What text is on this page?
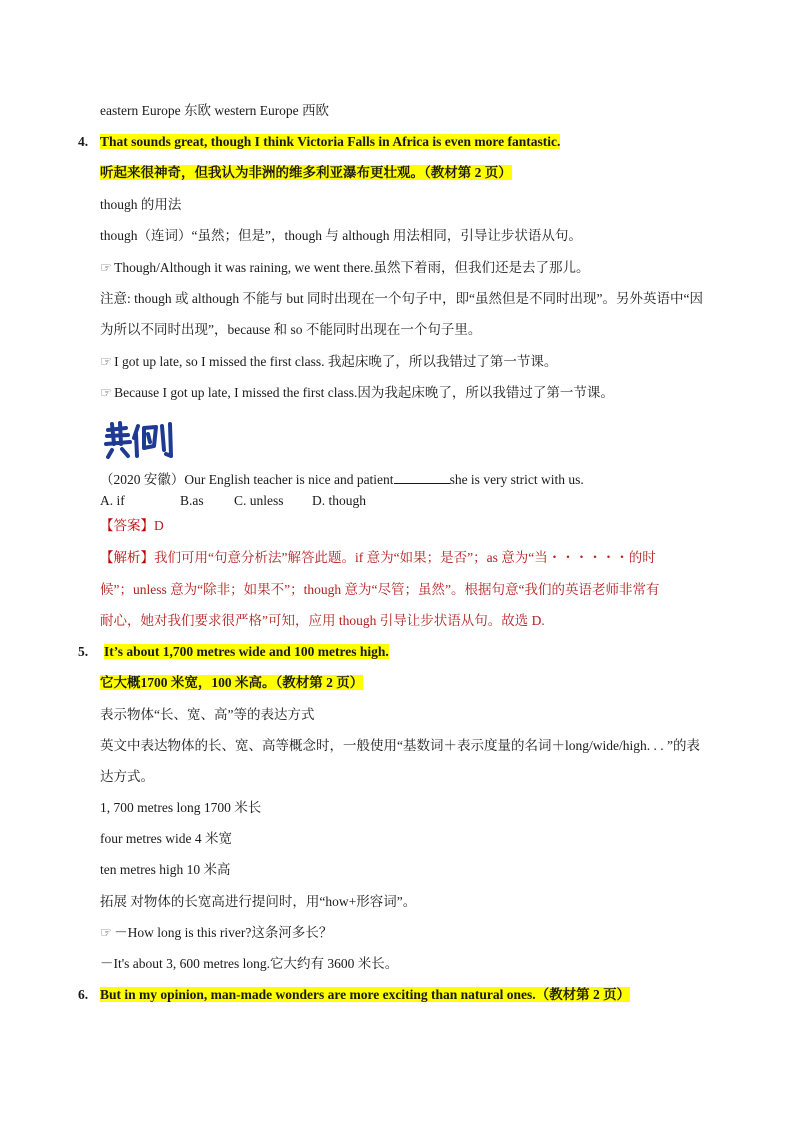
eastern Europe 东欧 western Europe 西欧
4. That sounds great, though I think Victoria Falls in Africa is even more fantastic.
听起来很神奇，但我认为非洲的维多利亚瀑布更壮观。（教材第 2 页）
though 的用法
though（连词）“虽然；但是”，though 与 although 用法相同，引导让步状语从句。
☞ Though/Although it was raining, we went there.虽然下着雨，但我们还是去了那儿。
注意: though 或 although 不能与 but 同时出现在一个句子中，即“虽然但是不同时出现”。另外英语中“因
为所以不同时出现”，because 和 so 不能同时出现在一个句子里。
☞ I got up late, so I missed the first class. 我起床晚了，所以我错过了第一节课。
☞ Because I got up late, I missed the first class.因为我起床晚了，所以我错过了第一节课。
（2020 安徽）Our English teacher is nice and patient	she is very strict with us.
A. if	B.as C. unless D. though
【答案】D
【解析】我们可用“句意分析法”解答此题。if 意为“如果；是否”；as 意为“当・・・・・・的时
候”；unless 意为“除非；如果不”；though 意为“尽管；虽然”。根据句意“我们的英语老师非常有
耐心，她对我们要求很严格”可知，应用 though 引导让步状语从句。故选 D.
5. It’s about 1,700 metres wide and 100 metres high.
它大概1700 米宽，100 米高。（教材第 2 页）
表示物体“长、宽、高”等的表达方式
英文中表达物体的长、宽、高等概念时，一般使用“基数词＋表示度量的名词＋long/wide/high. . . ”的表
达方式。
1, 700 metres long 1700 米长
four metres wide 4 米宽
ten metres high 10 米高
拓展 对物体的长宽高进行提问时，用“how+形容词”。
☞ －How long is this river?这条河多长？
－It's about 3, 600 metres long.它大约有 3600 米长。
6. But in my opinion, man-made wonders are more exciting than natural ones.（教材第 2 页）
